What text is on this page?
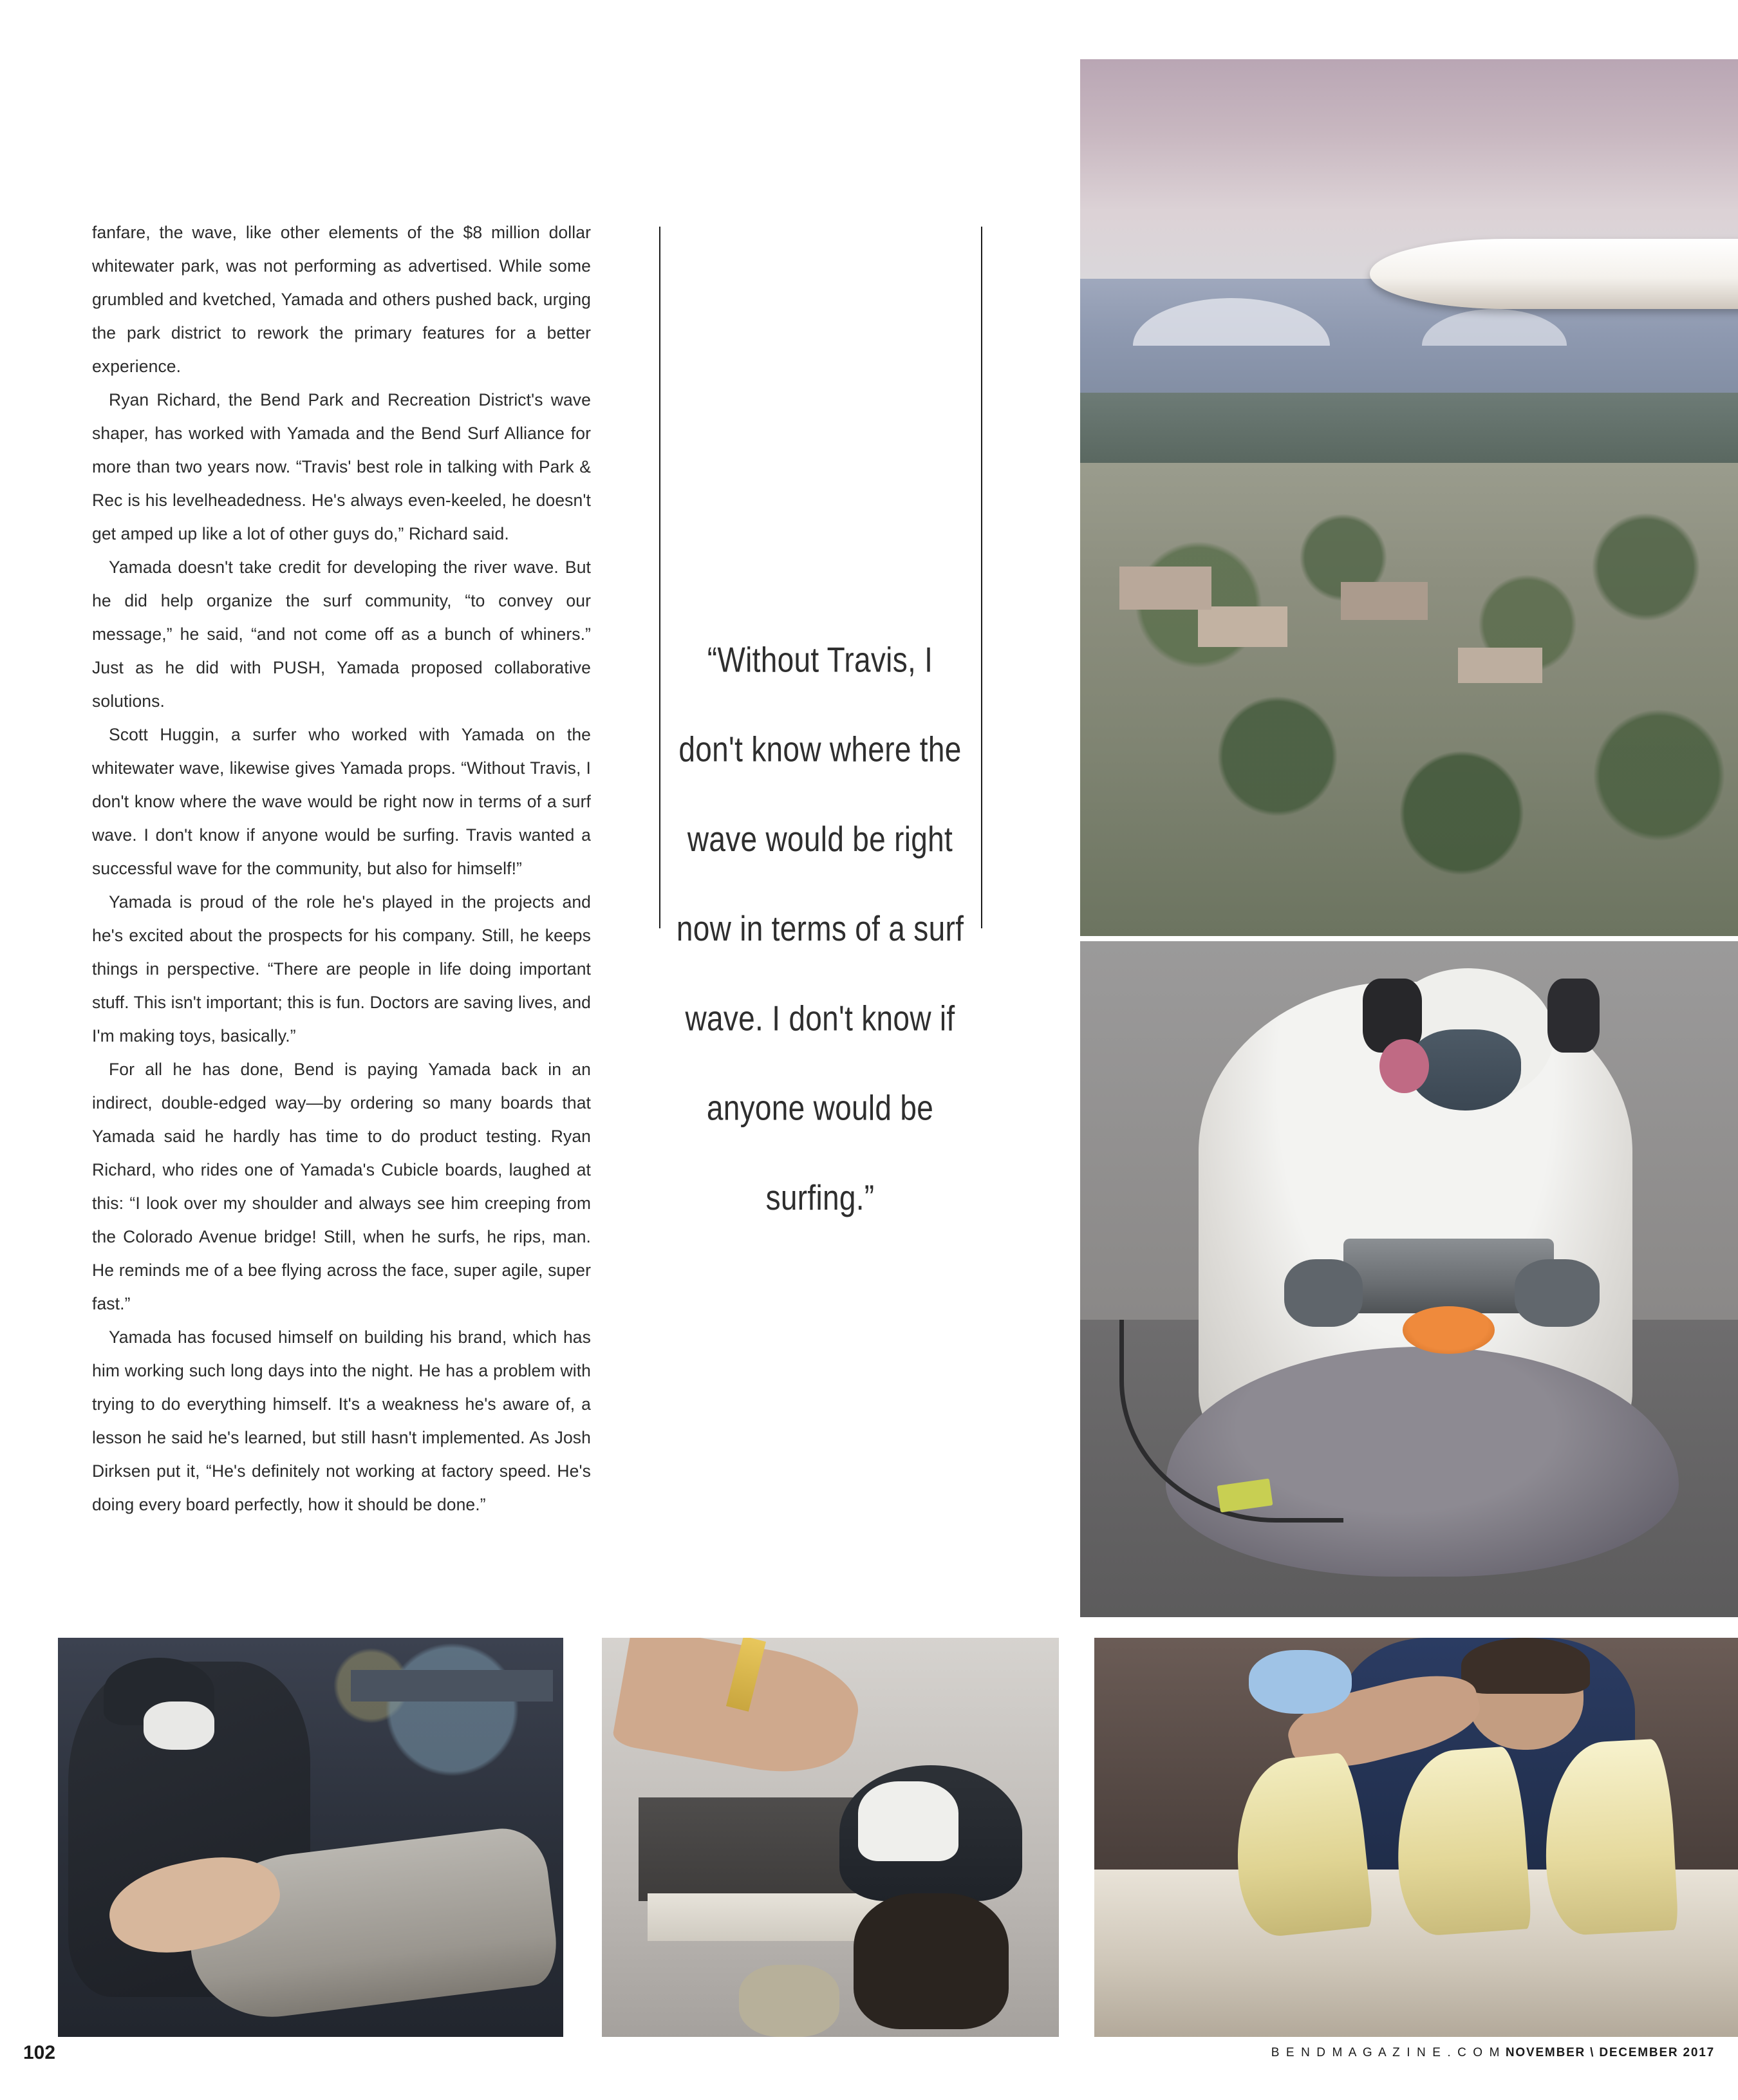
fanfare, the wave, like other elements of the $8 million dollar whitewater park, was not performing as advertised. While some grumbled and kvetched, Yamada and others pushed back, urging the park district to rework the primary features for a better experience.

Ryan Richard, the Bend Park and Recreation District's wave shaper, has worked with Yamada and the Bend Surf Alliance for more than two years now. “Travis' best role in talking with Park & Rec is his levelheadedness. He's always even-keeled, he doesn't get amped up like a lot of other guys do,” Richard said.

Yamada doesn't take credit for developing the river wave. But he did help organize the surf community, “to convey our message,” he said, “and not come off as a bunch of whiners.” Just as he did with PUSH, Yamada proposed collaborative solutions.

Scott Huggin, a surfer who worked with Yamada on the whitewater wave, likewise gives Yamada props. “Without Travis, I don't know where the wave would be right now in terms of a surf wave. I don't know if anyone would be surfing. Travis wanted a successful wave for the community, but also for himself!”

Yamada is proud of the role he's played in the projects and he's excited about the prospects for his company. Still, he keeps things in perspective. “There are people in life doing important stuff. This isn't important; this is fun. Doctors are saving lives, and I'm making toys, basically.”

For all he has done, Bend is paying Yamada back in an indirect, double-edged way—by ordering so many boards that Yamada said he hardly has time to do product testing. Ryan Richard, who rides one of Yamada's Cubicle boards, laughed at this: “I look over my shoulder and always see him creeping from the Colorado Avenue bridge! Still, when he surfs, he rips, man. He reminds me of a bee flying across the face, super agile, super fast.”

Yamada has focused himself on building his brand, which has him working such long days into the night. He has a problem with trying to do everything himself. It's a weakness he's aware of, a lesson he said he's learned, but still hasn't implemented. As Josh Dirksen put it, “He's definitely not working at factory speed. He's doing every board perfectly, how it should be done.”

“Without Travis, I don't know where the wave would be right now in terms of a surf wave. I don't know if anyone would be surfing.”
102	B E N D M A G A Z I N E . C O M NOVEMBER \ DECEMBER 2017
